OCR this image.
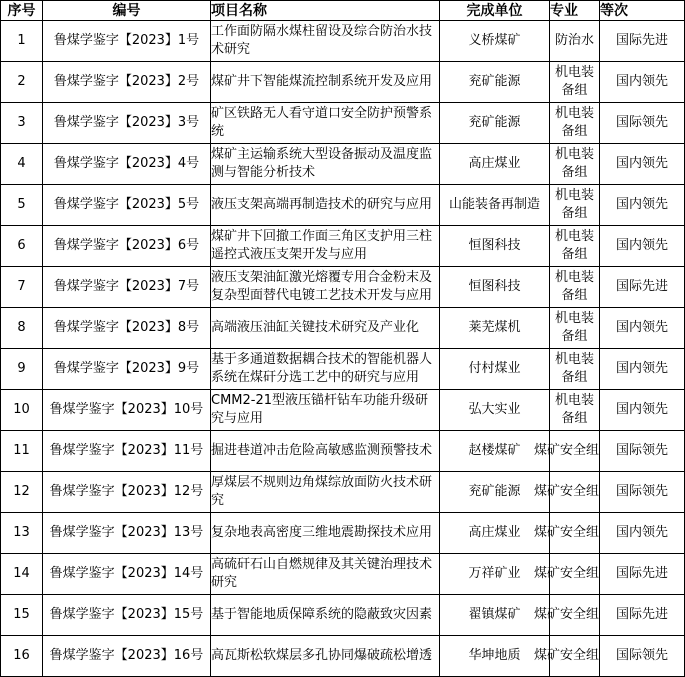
序号	编号	项目名称	完成单位	专业	等次
1	鲁煤学鉴字【2023】1号	工作面防隔水煤柱留设及综合防治水技术研究	义桥煤矿	防治水	国际先进
2	鲁煤学鉴字【2023】2号	煤矿井下智能煤流控制系统开发及应用	兖矿能源	机电装备组	国内领先
3	鲁煤学鉴字【2023】3号	矿区铁路无人看守道口安全防护预警系统	兖矿能源	机电装备组	国际领先
4	鲁煤学鉴字【2023】4号	煤矿主运输系统大型设备振动及温度监测与智能分析技术	高庄煤业	机电装备组	国内领先
5	鲁煤学鉴字【2023】5号	液压支架高端再制造技术的研究与应用	山能装备再制造	机电装备组	国内领先
6	鲁煤学鉴字【2023】6号	煤矿井下回撤工作面三角区支护用三柱遥控式液压支架开发与应用	恒图科技	机电装备组	国内领先
7	鲁煤学鉴字【2023】7号	液压支架油缸激光熔覆专用合金粉末及复杂型面替代电镀工艺技术开发与应用	恒图科技	机电装备组	国际先进
8	鲁煤学鉴字【2023】8号	高端液压油缸关键技术研究及产业化	莱芜煤机	机电装备组	国内领先
9	鲁煤学鉴字【2023】9号	基于多通道数据耦合技术的智能机器人系统在煤矸分选工艺中的研究与应用	付村煤业	机电装备组	国内领先
10	鲁煤学鉴字【2023】10号	CMM2-21型液压锚杆钻车功能升级研究与应用	弘大实业	机电装备组	国内领先
11	鲁煤学鉴字【2023】11号	掘进巷道冲击危险高敏感监测预警技术	赵楼煤矿	煤矿安全组	国际领先
12	鲁煤学鉴字【2023】12号	厚煤层不规则边角煤综放面防火技术研究	兖矿能源	煤矿安全组	国际领先
13	鲁煤学鉴字【2023】13号	复杂地表高密度三维地震勘探技术应用	高庄煤业	煤矿安全组	国内领先
14	鲁煤学鉴字【2023】14号	高硫矸石山自燃规律及其关键治理技术研究	万祥矿业	煤矿安全组	国际先进
15	鲁煤学鉴字【2023】15号	基于智能地质保障系统的隐蔽致灾因素	翟镇煤矿	煤矿安全组	国际先进
16	鲁煤学鉴字【2023】16号	高瓦斯松软煤层多孔协同爆破疏松增透	华坤地质	煤矿安全组	国际领先
